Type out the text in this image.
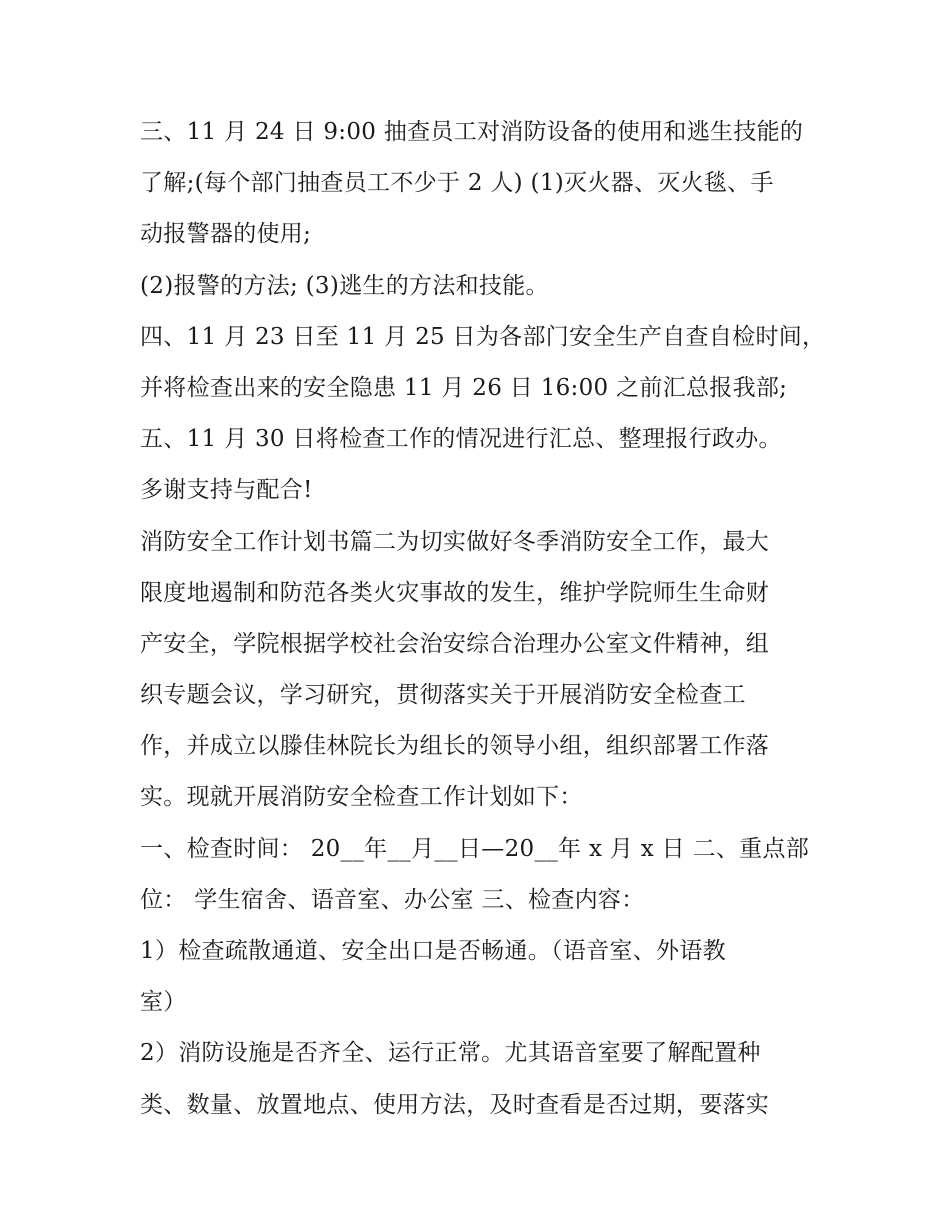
三、11 月 24 日 9:00 抽查员工对消防设备的使用和逃生技能的
了解;(每个部门抽查员工不少于 2 人) (1)灭火器、灭火毯、手
动报警器的使用;
(2)报警的方法; (3)逃生的方法和技能。
四、11 月 23 日至 11 月 25 日为各部门安全生产自查自检时间，
并将检查出来的安全隐患 11 月 26 日 16:00 之前汇总报我部;
五、11 月 30 日将检查工作的情况进行汇总、整理报行政办。
多谢支持与配合!
消防安全工作计划书篇二为切实做好冬季消防安全工作，最大
限度地遏制和防范各类火灾事故的发生，维护学院师生生命财
产安全，学院根据学校社会治安综合治理办公室文件精神，组
织专题会议，学习研究，贯彻落实关于开展消防安全检查工
作，并成立以滕佳林院长为组长的领导小组，组织部署工作落
实。现就开展消防安全检查工作计划如下：
一、检查时间： 20__年__月__日—20__年 x 月 x 日 二、重点部
位： 学生宿舍、语音室、办公室 三、检查内容：
1）检查疏散通道、安全出口是否畅通。（语音室、外语教
室）
2）消防设施是否齐全、运行正常。尤其语音室要了解配置种
类、数量、放置地点、使用方法，及时查看是否过期，要落实
